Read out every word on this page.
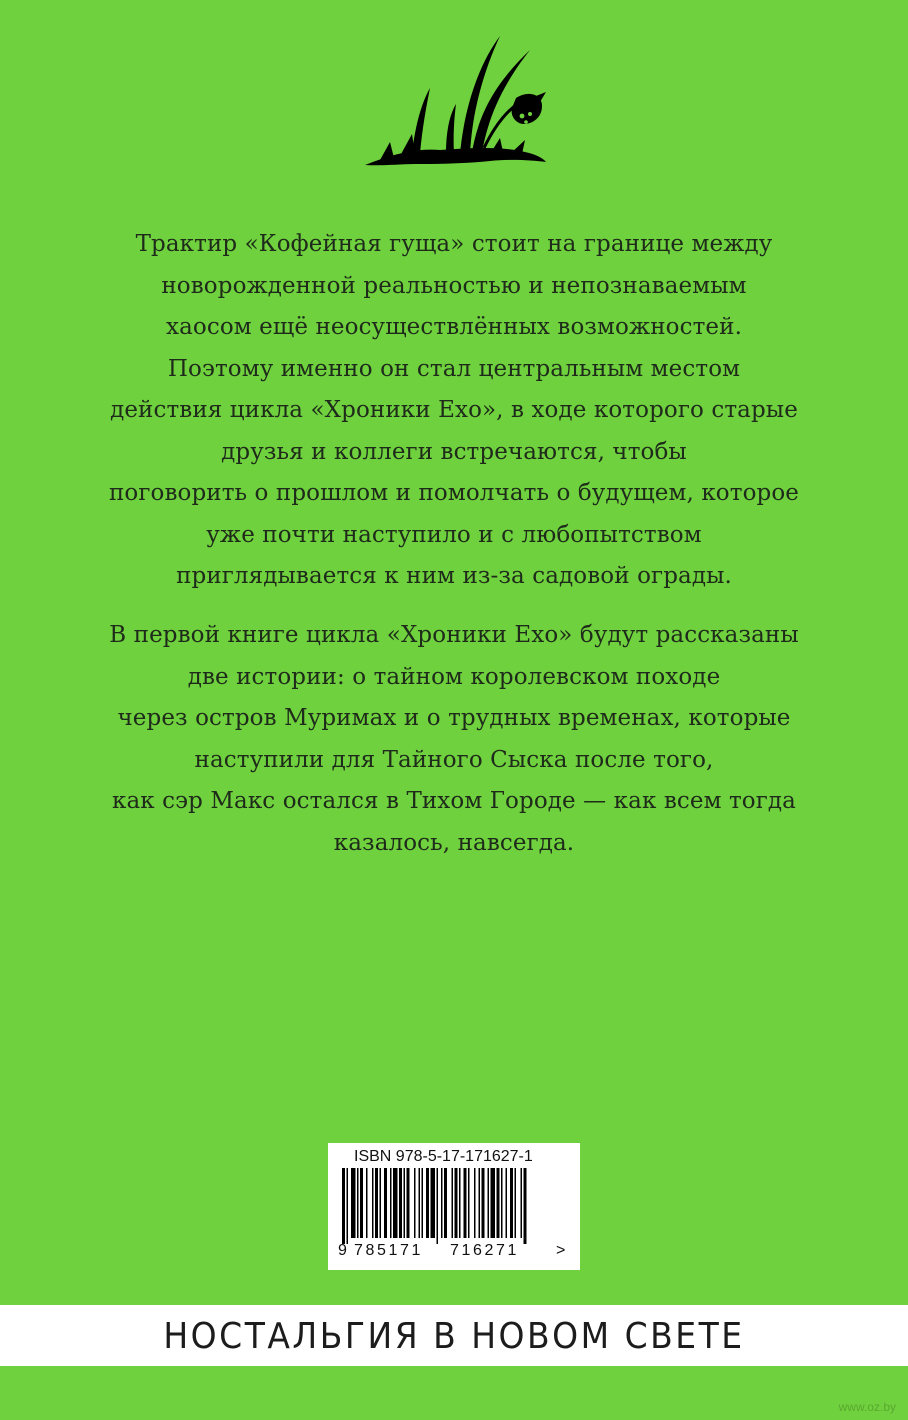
Трактир «Кофейная гуща» стоит на границе между
новорожденной реальностью и непознаваемым
хаосом ещё неосуществлённых возможностей.
Поэтому именно он стал центральным местом
действия цикла «Хроники Ехо», в ходе которого старые
друзья и коллеги встречаются, чтобы
поговорить о прошлом и помолчать о будущем, которое
уже почти наступило и с любопытством
приглядывается к ним из-за садовой ограды.
В первой книге цикла «Хроники Ехо» будут рассказаны
две истории: о тайном королевском походе
через остров Муримах и о трудных временах, которые
наступили для Тайного Сыска после того,
как сэр Макс остался в Тихом Городе — как всем тогда
казалось, навсегда.
ISBN 978-5-17-171627-1
9 785171 716271 >
НОСТАЛЬГИЯ В НОВОМ СВЕТЕ
www.oz.by
